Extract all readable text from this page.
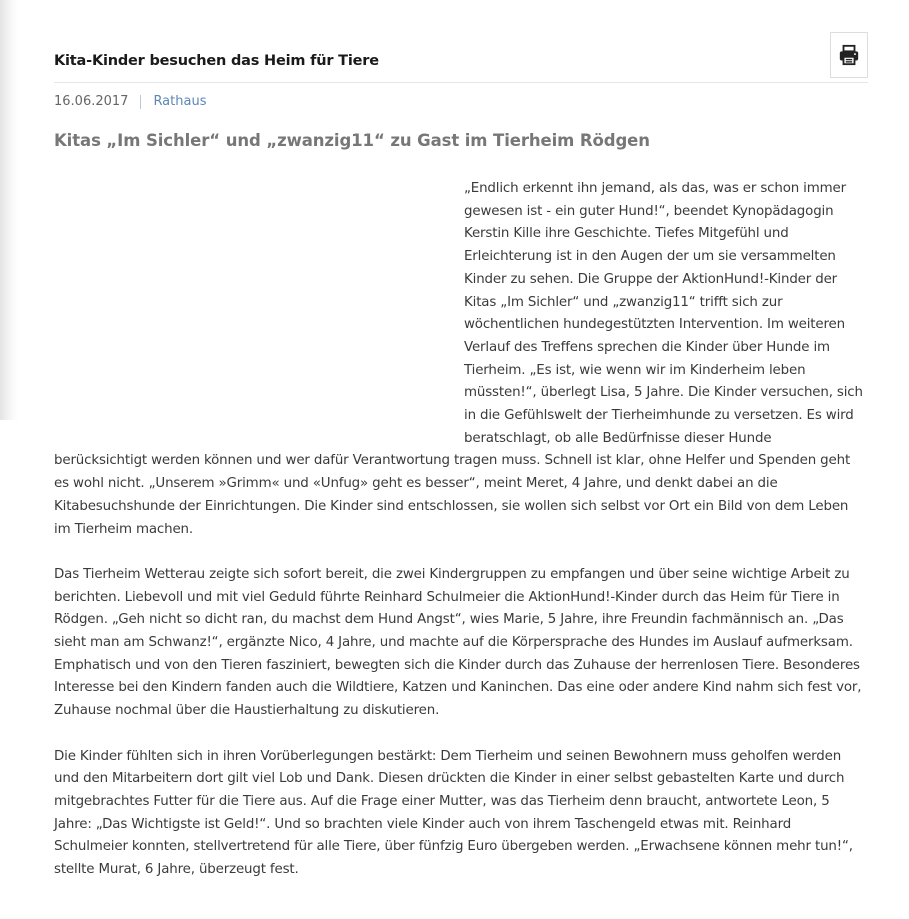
Kita-Kinder besuchen das Heim für Tiere
16.06.2017 Rathaus
Kitas „Im Sichler“ und „zwanzig11“ zu Gast im Tierheim Rödgen

„Endlich erkennt ihn jemand, als das, was er schon immer gewesen ist - ein guter Hund!“, beendet Kynopädagogin Kerstin Kille ihre Geschichte. Tiefes Mitgefühl und Erleichterung ist in den Augen der um sie versammelten Kinder zu sehen. Die Gruppe der AktionHund!-Kinder der Kitas „Im Sichler“ und „zwanzig11“ trifft sich zur wöchentlichen hundegestützten Intervention. Im weiteren Verlauf des Treffens sprechen die Kinder über Hunde im Tierheim. „Es ist, wie wenn wir im Kinderheim leben müssten!“, überlegt Lisa, 5 Jahre. Die Kinder versuchen, sich in die Gefühlswelt der Tierheimhunde zu versetzen. Es wird beratschlagt, ob alle Bedürfnisse dieser Hunde berücksichtigt werden können und wer dafür Verantwortung tragen muss. Schnell ist klar, ohne Helfer und Spenden geht es wohl nicht. „Unserem »Grimm« und «Unfug» geht es besser“, meint Meret, 4 Jahre, und denkt dabei an die Kitabesuchshunde der Einrichtungen. Die Kinder sind entschlossen, sie wollen sich selbst vor Ort ein Bild von dem Leben im Tierheim machen.

Das Tierheim Wetterau zeigte sich sofort bereit, die zwei Kindergruppen zu empfangen und über seine wichtige Arbeit zu berichten. Liebevoll und mit viel Geduld führte Reinhard Schulmeier die AktionHund!-Kinder durch das Heim für Tiere in Rödgen. „Geh nicht so dicht ran, du machst dem Hund Angst“, wies Marie, 5 Jahre, ihre Freundin fachmännisch an. „Das sieht man am Schwanz!“, ergänzte Nico, 4 Jahre, und machte auf die Körpersprache des Hundes im Auslauf aufmerksam. Emphatisch und von den Tieren fasziniert, bewegten sich die Kinder durch das Zuhause der herrenlosen Tiere. Besonderes Interesse bei den Kindern fanden auch die Wildtiere, Katzen und Kaninchen. Das eine oder andere Kind nahm sich fest vor, Zuhause nochmal über die Haustierhaltung zu diskutieren.

Die Kinder fühlten sich in ihren Vorüberlegungen bestärkt: Dem Tierheim und seinen Bewohnern muss geholfen werden und den Mitarbeitern dort gilt viel Lob und Dank. Diesen drückten die Kinder in einer selbst gebastelten Karte und durch mitgebrachtes Futter für die Tiere aus. Auf die Frage einer Mutter, was das Tierheim denn braucht, antwortete Leon, 5 Jahre: „Das Wichtigste ist Geld!“. Und so brachten viele Kinder auch von ihrem Taschengeld etwas mit. Reinhard Schulmeier konnten, stellvertretend für alle Tiere, über fünfzig Euro übergeben werden. „Erwachsene können mehr tun!“, stellte Murat, 6 Jahre, überzeugt fest.
